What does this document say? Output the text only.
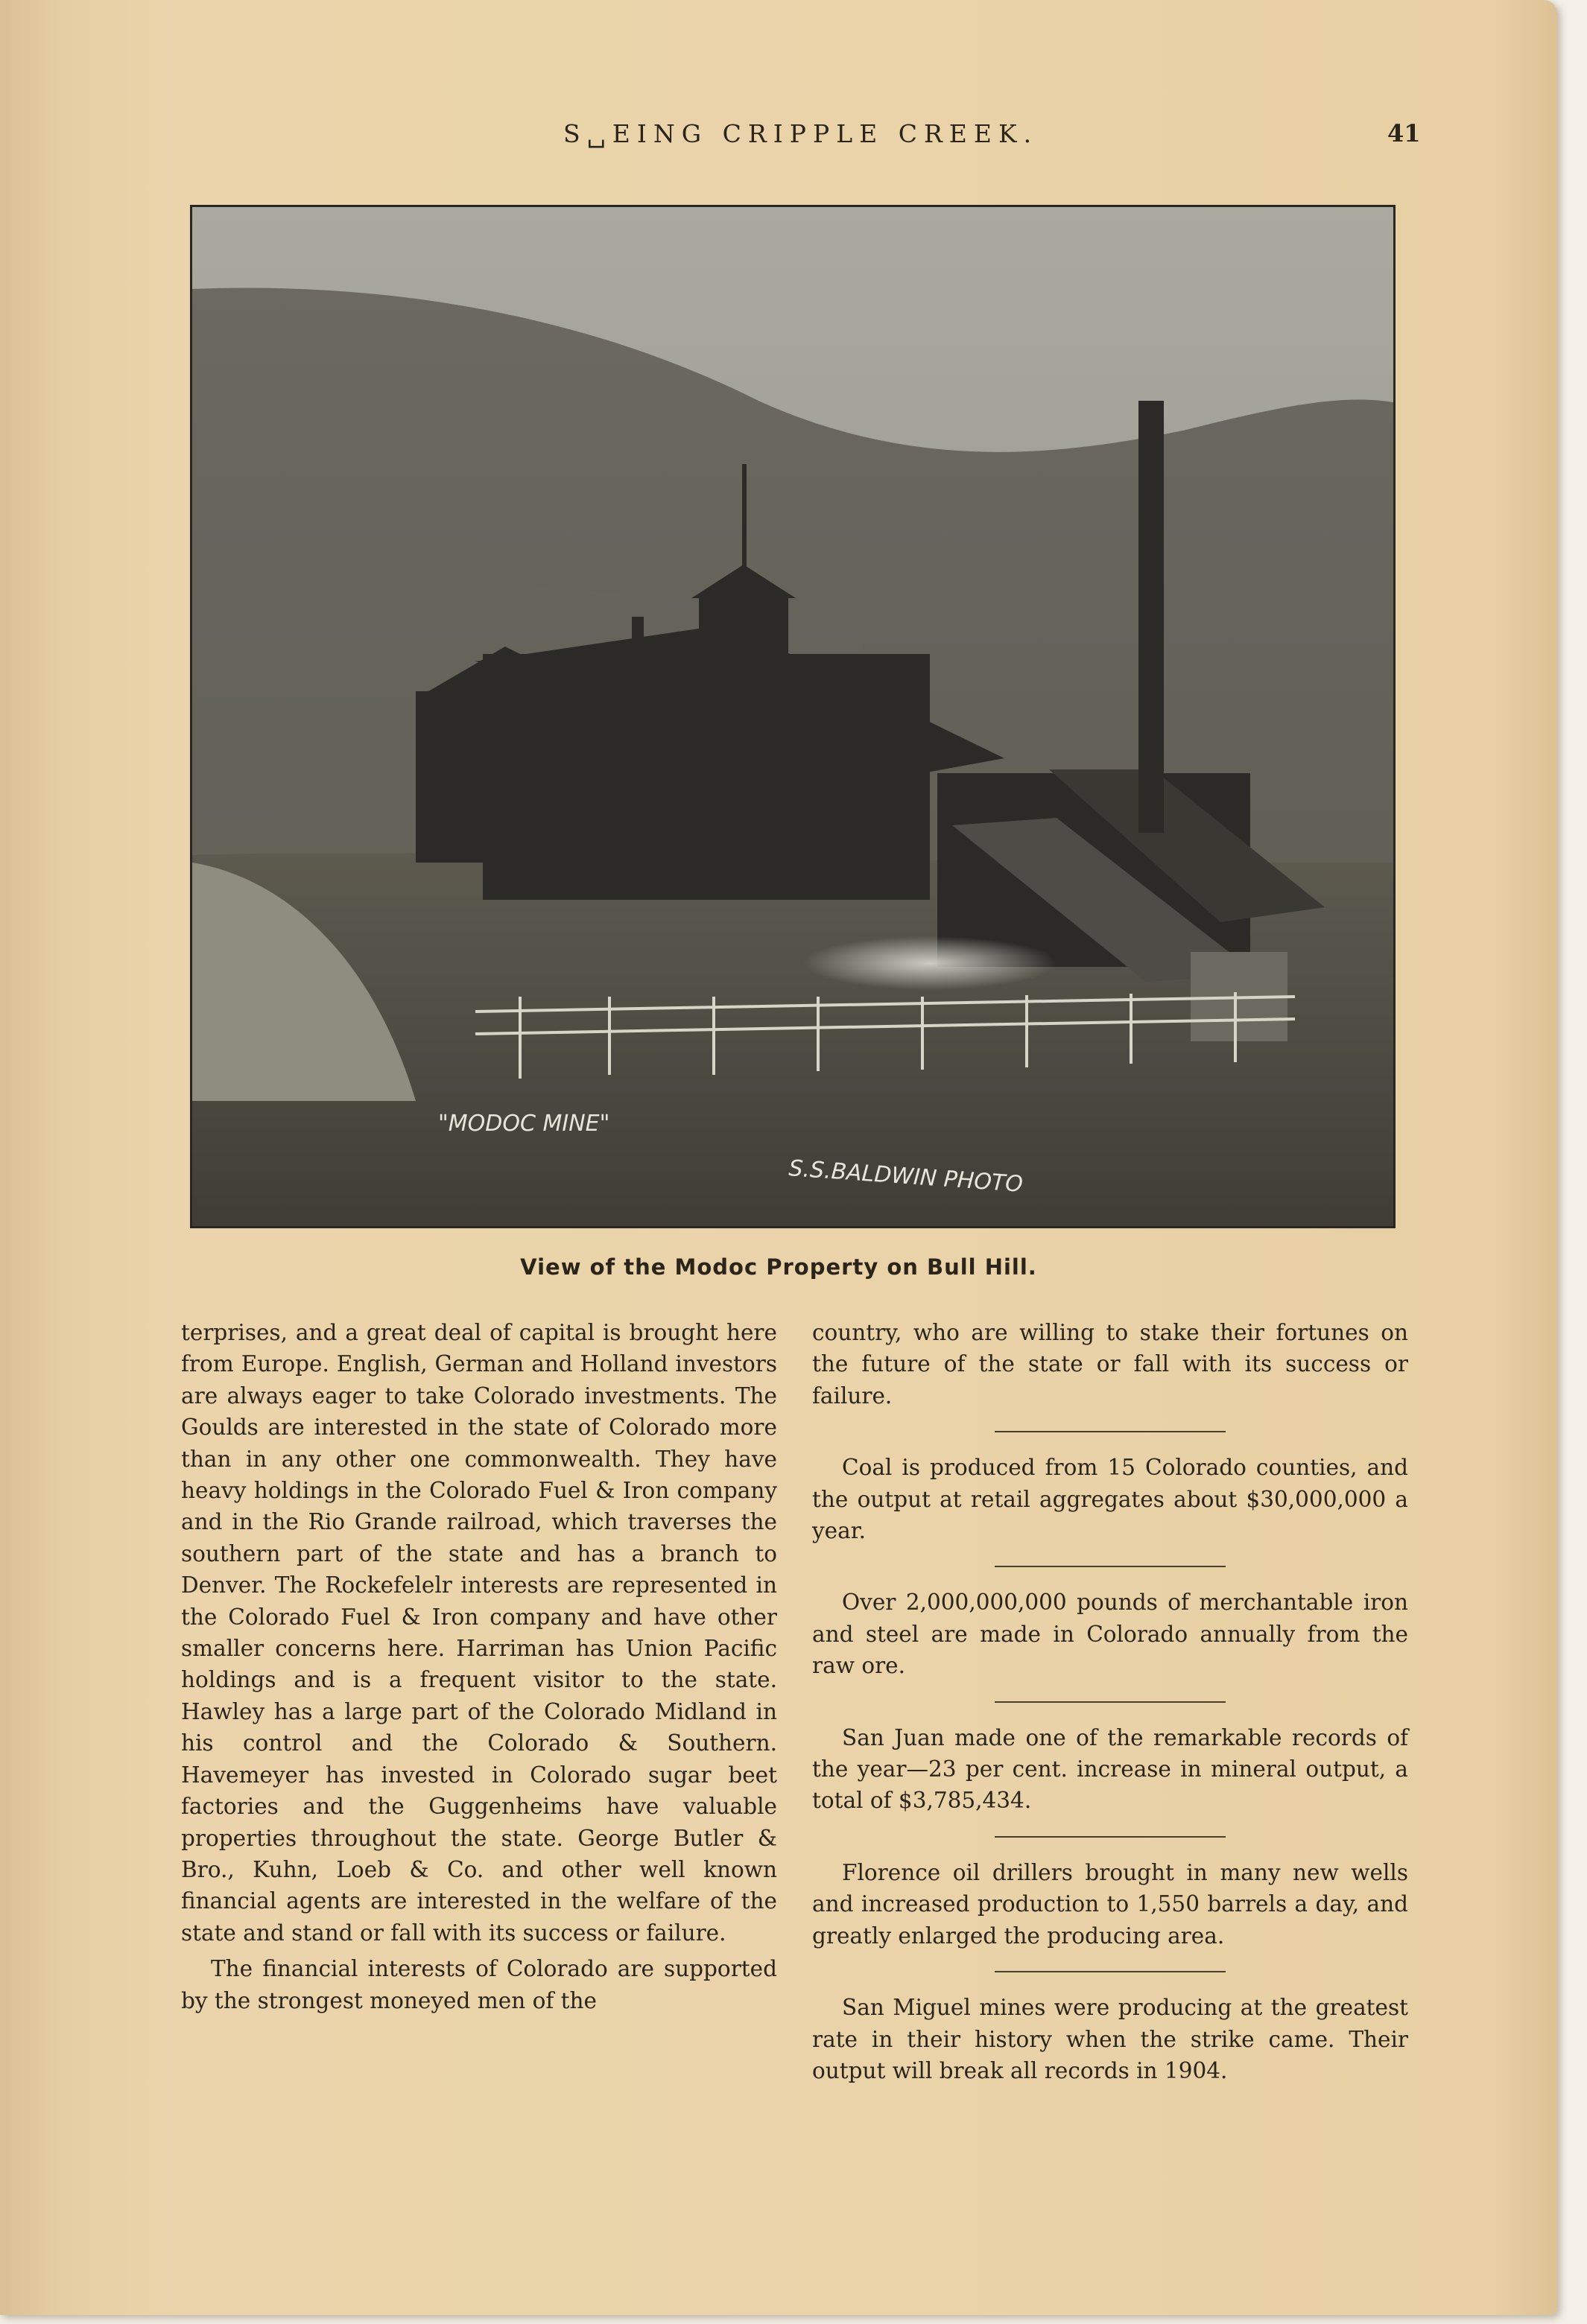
S␣EING CRIPPLE CREEK.	41
"MODOC MINE"
S.S.BALDWIN PHOTO
View of the Modoc Property on Bull Hill.

terprises, and a great deal of capital is brought here from Europe. English, German and Holland investors are always eager to take Colorado investments. The Goulds are interested in the state of Colorado more than in any other one commonwealth. They have heavy holdings in the Colorado Fuel & Iron company and in the Rio Grande railroad, which traverses the southern part of the state and has a branch to Denver. The Rockefelelr interests are represented in the Colorado Fuel & Iron company and have other smaller concerns here. Harriman has Union Pacific holdings and is a frequent visitor to the state. Hawley has a large part of the Colorado Midland in his control and the Colorado & Southern. Havemeyer has invested in Colorado sugar beet factories and the Guggenheims have valuable properties throughout the state. George Butler & Bro., Kuhn, Loeb & Co. and other well known financial agents are interested in the welfare of the state and stand or fall with its success or failure.

The financial interests of Colorado are supported by the strongest moneyed men of the

country, who are willing to stake their fortunes on the future of the state or fall with its success or failure.

Coal is produced from 15 Colorado counties, and the output at retail aggregates about $30,000,000 a year.

Over 2,000,000,000 pounds of merchantable iron and steel are made in Colorado annually from the raw ore.

San Juan made one of the remarkable records of the year—23 per cent. increase in mineral output, a total of $3,785,434.

Florence oil drillers brought in many new wells and increased production to 1,550 barrels a day, and greatly enlarged the producing area.

San Miguel mines were producing at the greatest rate in their history when the strike came. Their output will break all records in 1904.
